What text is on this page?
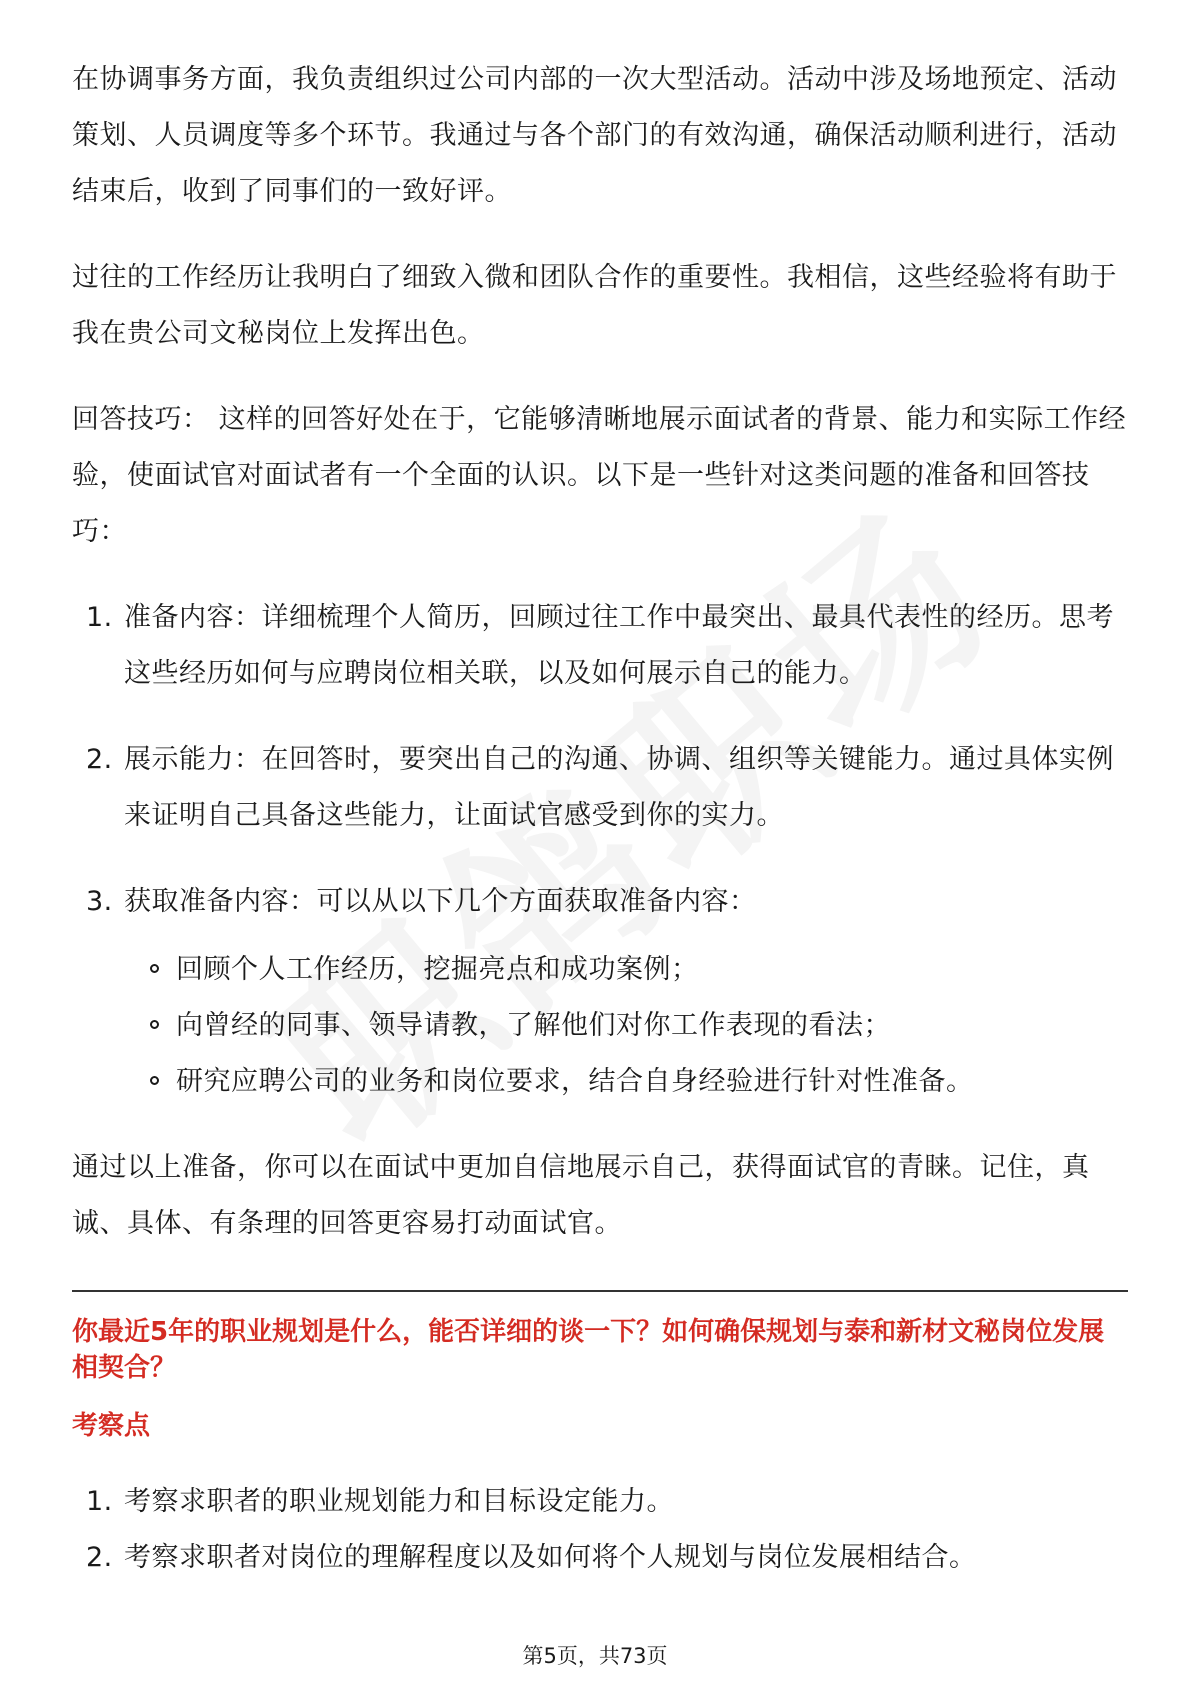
在协调事务方面，我负责组织过公司内部的一次大型活动。活动中涉及场地预定、活动策划、人员调度等多个环节。我通过与各个部门的有效沟通，确保活动顺利进行，活动结束后，收到了同事们的一致好评。

过往的工作经历让我明白了细致入微和团队合作的重要性。我相信，这些经验将有助于我在贵公司文秘岗位上发挥出色。

回答技巧： 这样的回答好处在于，它能够清晰地展示面试者的背景、能力和实际工作经验，使面试官对面试者有一个全面的认识。以下是一些针对这类问题的准备和回答技巧：

1. 准备内容：详细梳理个人简历，回顾过往工作中最突出、最具代表性的经历。思考这些经历如何与应聘岗位相关联，以及如何展示自己的能力。
2. 展示能力：在回答时，要突出自己的沟通、协调、组织等关键能力。通过具体实例来证明自己具备这些能力，让面试官感受到你的实力。
3. 获取准备内容：可以从以下几个方面获取准备内容：
回顾个人工作经历，挖掘亮点和成功案例；
向曾经的同事、领导请教，了解他们对你工作表现的看法；
研究应聘公司的业务和岗位要求，结合自身经验进行针对性准备。

通过以上准备，你可以在面试中更加自信地展示自己，获得面试官的青睐。记住，真诚、具体、有条理的回答更容易打动面试官。

你最近5年的职业规划是什么，能否详细的谈一下？如何确保规划与泰和新材文秘岗位发展相契合？
考察点
1. 考察求职者的职业规划能力和目标设定能力。
2. 考察求职者对岗位的理解程度以及如何将个人规划与岗位发展相结合。
第5页，共73页
